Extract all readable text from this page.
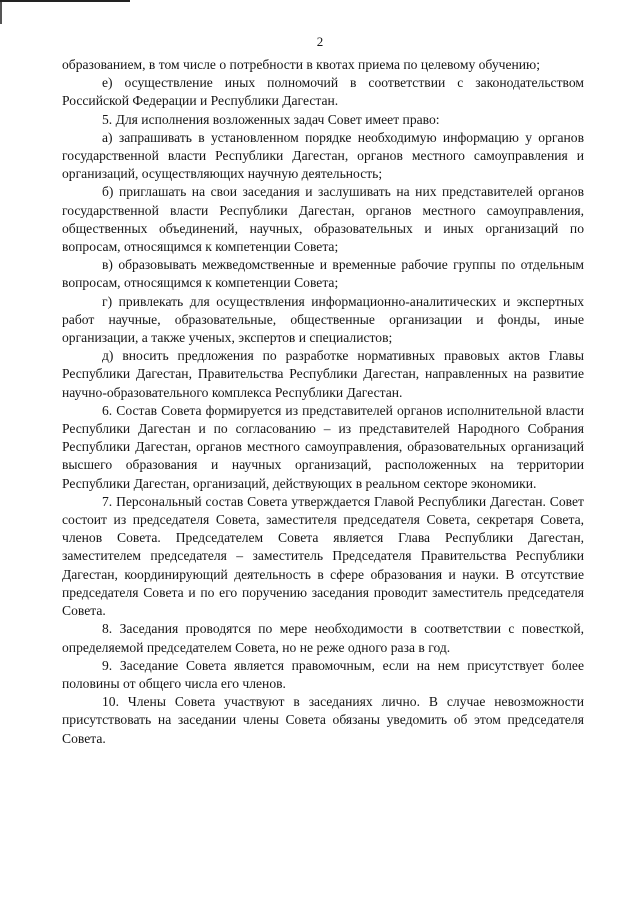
2

образованием, в том числе о потребности в квотах приема по целевому обучению;

е) осуществление иных полномочий в соответствии с законодательством Российской Федерации и Республики Дагестан.

5. Для исполнения возложенных задач Совет имеет право:

а) запрашивать в установленном порядке необходимую информацию у органов государственной власти Республики Дагестан, органов местного самоуправления и организаций, осуществляющих научную деятельность;

б) приглашать на свои заседания и заслушивать на них представителей органов государственной власти Республики Дагестан, органов местного самоуправления, общественных объединений, научных, образовательных и иных организаций по вопросам, относящимся к компетенции Совета;

в) образовывать межведомственные и временные рабочие группы по отдельным вопросам, относящимся к компетенции Совета;

г) привлекать для осуществления информационно-аналитических и экспертных работ научные, образовательные, общественные организации и фонды, иные организации, а также ученых, экспертов и специалистов;

д) вносить предложения по разработке нормативных правовых актов Главы Республики Дагестан, Правительства Республики Дагестан, направленных на развитие научно-образовательного комплекса Республики Дагестан.

6. Состав Совета формируется из представителей органов исполнительной власти Республики Дагестан и по согласованию – из представителей Народного Собрания Республики Дагестан, органов местного самоуправления, образовательных организаций высшего образования и научных организаций, расположенных на территории Республики Дагестан, организаций, действующих в реальном секторе экономики.

7. Персональный состав Совета утверждается Главой Республики Дагестан. Совет состоит из председателя Совета, заместителя председателя Совета, секретаря Совета, членов Совета. Председателем Совета является Глава Республики Дагестан, заместителем председателя – заместитель Председателя Правительства Республики Дагестан, координирующий деятельность в сфере образования и науки. В отсутствие председателя Совета и по его поручению заседания проводит заместитель председателя Совета.

8. Заседания проводятся по мере необходимости в соответствии с повесткой, определяемой председателем Совета, но не реже одного раза в год.

9. Заседание Совета является правомочным, если на нем присутствует более половины от общего числа его членов.

10. Члены Совета участвуют в заседаниях лично. В случае невозможности присутствовать на заседании члены Совета обязаны уведомить об этом председателя Совета.
